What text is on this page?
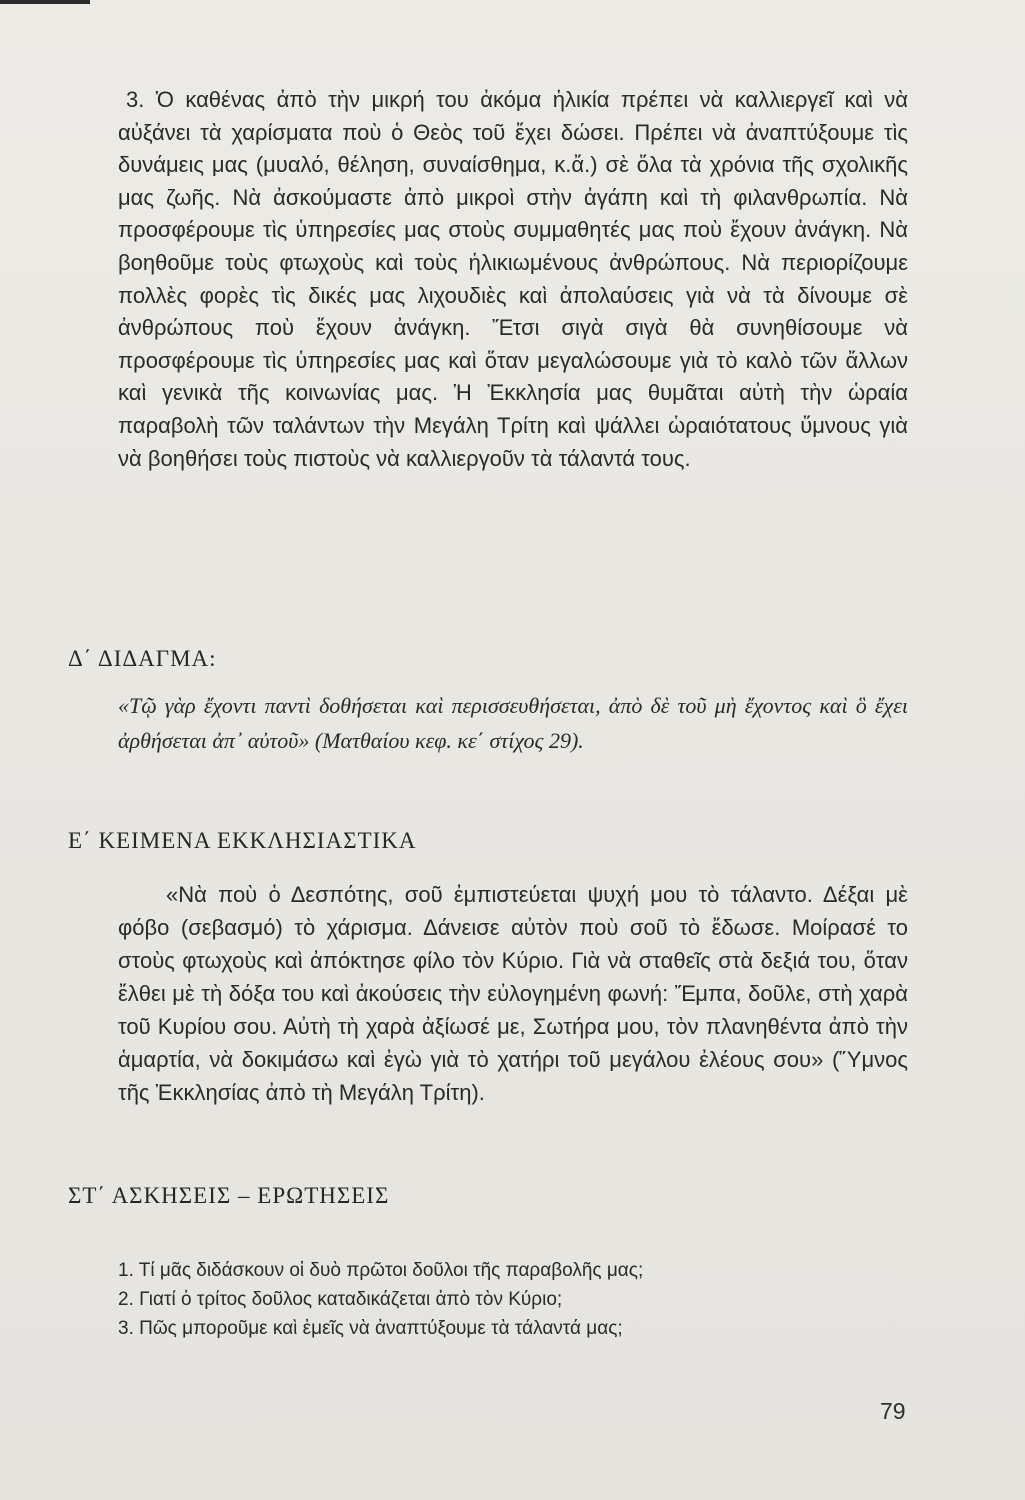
3. Ὁ καθένας ἀπὸ τὴν μικρή του ἀκόμα ἡλικία πρέπει νὰ καλλιεργεῖ καὶ νὰ αὐξάνει τὰ χαρίσματα ποὺ ὁ Θεὸς τοῦ ἔχει δώσει. Πρέπει νὰ ἀναπτύξουμε τὶς δυνάμεις μας (μυαλό, θέληση, συναίσθημα, κ.ἄ.) σὲ ὅλα τὰ χρόνια τῆς σχολικῆς μας ζωῆς. Νὰ ἀσκούμαστε ἀπὸ μικροὶ στὴν ἀγάπη καὶ τὴ φιλανθρωπία. Νὰ προσφέρουμε τὶς ὑπηρεσίες μας στοὺς συμμαθητές μας ποὺ ἔχουν ἀνάγκη. Νὰ βοηθοῦμε τοὺς φτωχοὺς καὶ τοὺς ἡλικιωμένους ἀνθρώπους. Νὰ περιορίζουμε πολλὲς φορὲς τὶς δικές μας λιχουδιὲς καὶ ἀπολαύσεις γιὰ νὰ τὰ δίνουμε σὲ ἀνθρώπους ποὺ ἔχουν ἀνάγκη. Ἔτσι σιγὰ σιγὰ θὰ συνηθίσουμε νὰ προσφέρουμε τὶς ὑπηρεσίες μας καὶ ὅταν μεγαλώσουμε γιὰ τὸ καλὸ τῶν ἄλλων καὶ γενικὰ τῆς κοινωνίας μας. Ἡ Ἐκκλησία μας θυμᾶται αὐτὴ τὴν ὡραία παραβολὴ τῶν ταλάντων τὴν Μεγάλη Τρίτη καὶ ψάλλει ὡραιότατους ὕμνους γιὰ νὰ βοηθήσει τοὺς πιστοὺς νὰ καλλιεργοῦν τὰ τάλαντά τους.

Δ΄ ΔΙΔΑΓΜΑ:

«Τῷ γὰρ ἔχοντι παντὶ δοθήσεται καὶ περισσευθήσεται, ἀπὸ δὲ τοῦ μὴ ἔχοντος καὶ ὃ ἔχει ἀρθήσεται ἀπ᾽ αὐτοῦ» (Ματθαίου κεφ. κε΄ στίχος 29).

Ε΄ ΚΕΙΜΕΝΑ ΕΚΚΛΗΣΙΑΣΤΙΚΑ

«Νὰ ποὺ ὁ Δεσπότης, σοῦ ἐμπιστεύεται ψυχή μου τὸ τάλαντο. Δέξαι μὲ φόβο (σεβασμό) τὸ χάρισμα. Δάνεισε αὐτὸν ποὺ σοῦ τὸ ἔδωσε. Μοίρασέ το στοὺς φτωχοὺς καὶ ἀπόκτησε φίλο τὸν Κύριο. Γιὰ νὰ σταθεῖς στὰ δεξιά του, ὅταν ἔλθει μὲ τὴ δόξα του καὶ ἀκούσεις τὴν εὐλογημένη φωνή: Ἔμπα, δοῦλε, στὴ χαρὰ τοῦ Κυρίου σου. Αὐτὴ τὴ χαρὰ ἀξίωσέ με, Σωτήρα μου, τὸν πλανηθέντα ἀπὸ τὴν ἁμαρτία, νὰ δοκιμάσω καὶ ἐγὼ γιὰ τὸ χατήρι τοῦ μεγάλου ἐλέους σου» (Ὕμνος τῆς Ἐκκλησίας ἀπὸ τὴ Μεγάλη Τρίτη).

ΣΤ΄ ΑΣΚΗΣΕΙΣ – ΕΡΩΤΗΣΕΙΣ
1. Τί μᾶς διδάσκουν οἱ δυὸ πρῶτοι δοῦλοι τῆς παραβολῆς μας;
2. Γιατί ὁ τρίτος δοῦλος καταδικάζεται ἀπὸ τὸν Κύριο;
3. Πῶς μποροῦμε καὶ ἐμεῖς νὰ ἀναπτύξουμε τὰ τάλαντά μας;
79
